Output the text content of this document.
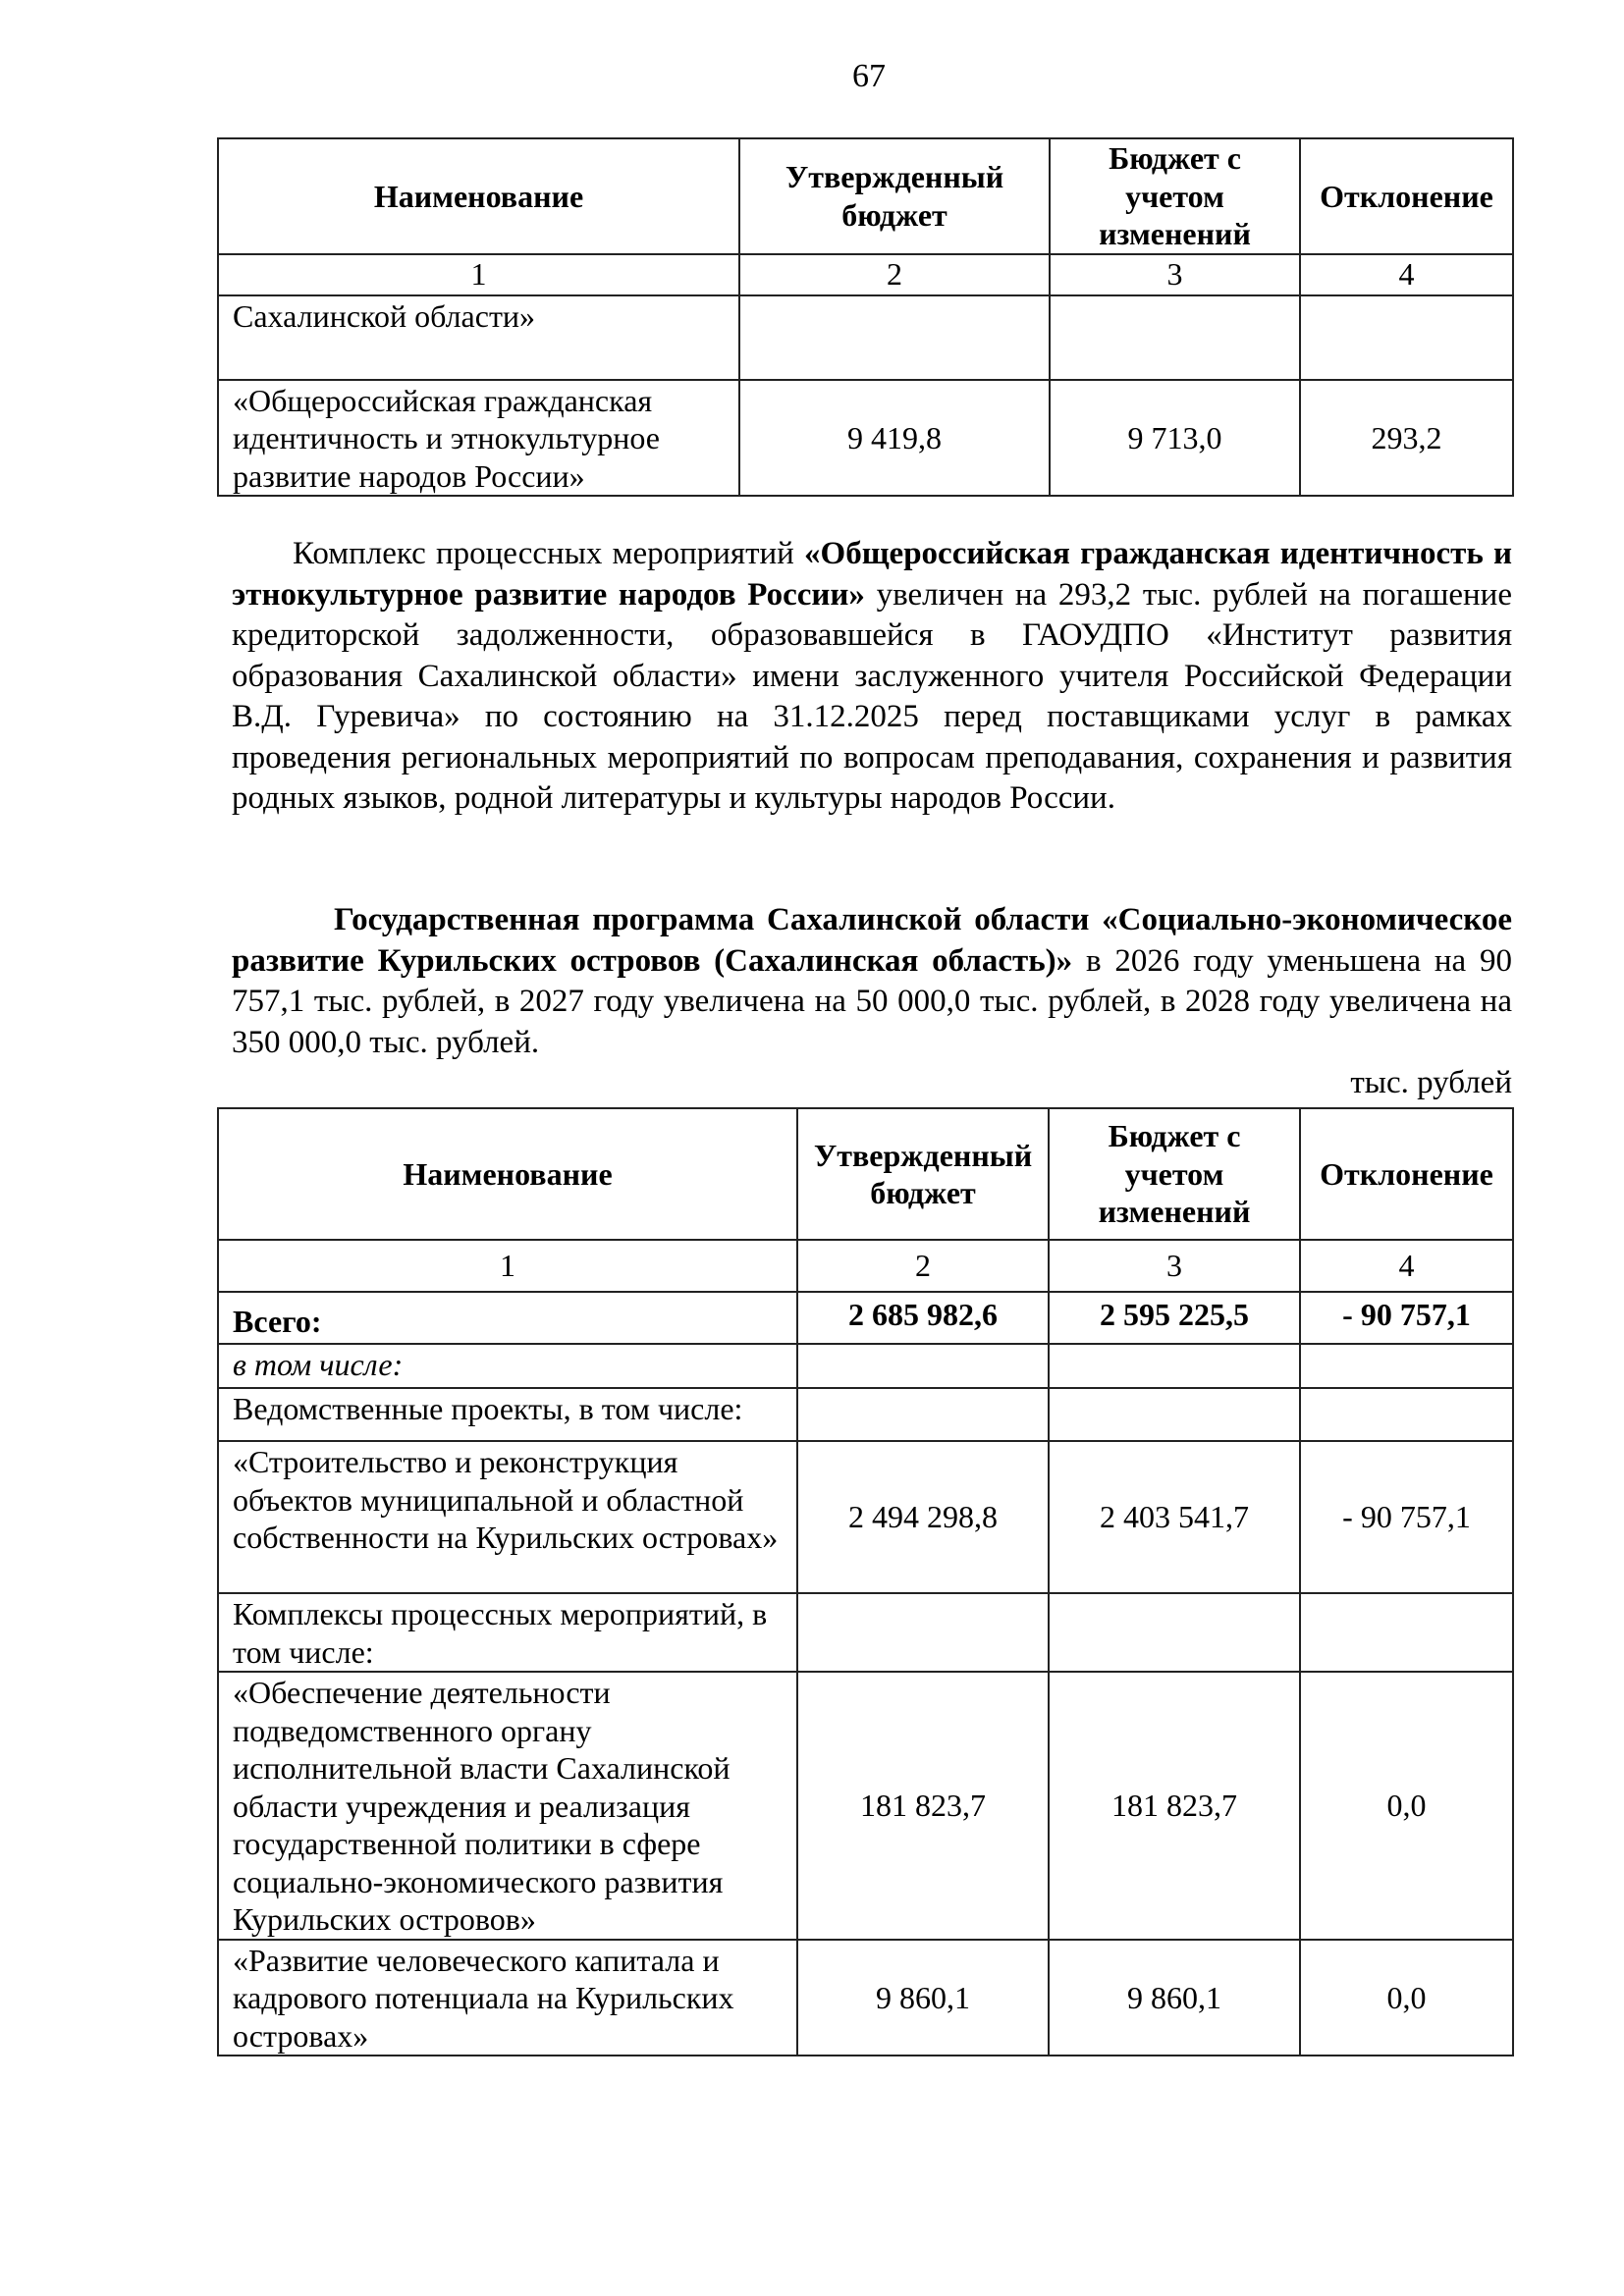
67
Наименование	Утвержденный бюджет	Бюджет с учетом изменений	Отклонение
1	2	3	4
Сахалинской области»			
«Общероссийская гражданская идентичность и этнокультурное развитие народов России»	9 419,8	9 713,0	293,2

Комплекс процессных мероприятий «Общероссийская гражданская идентичность и этнокультурное развитие народов России» увеличен на 293,2 тыс. рублей на погашение кредиторской задолженности, образовавшейся в ГАОУДПО «Институт развития образования Сахалинской области» имени заслуженного учителя Российской Федерации В.Д. Гуревича» по состоянию на 31.12.2025 перед поставщиками услуг в рамках проведения региональных мероприятий по вопросам преподавания, сохранения и развития родных языков, родной литературы и культуры народов России.

Государственная программа Сахалинской области «Социально-экономическое развитие Курильских островов (Сахалинская область)» в 2026 году уменьшена на 90 757,1 тыс. рублей, в 2027 году увеличена на 50 000,0 тыс. рублей, в 2028 году увеличена на 350 000,0 тыс. рублей.

тыс. рублей
Наименование	Утвержденный бюджет	Бюджет с учетом изменений	Отклонение
1	2	3	4
Всего:	2 685 982,6	2 595 225,5	- 90 757,1
в том числе:			
Ведомственные проекты, в том числе:			
«Строительство и реконструкция объектов муниципальной и областной собственности на Курильских островах»	2 494 298,8	2 403 541,7	- 90 757,1
Комплексы процессных мероприятий, в том числе:			
«Обеспечение деятельности подведомственного органу исполнительной власти Сахалинской области учреждения и реализация государственной политики в сфере социально-экономического развития Курильских островов»	181 823,7	181 823,7	0,0
«Развитие человеческого капитала и кадрового потенциала на Курильских островах»	9 860,1	9 860,1	0,0
